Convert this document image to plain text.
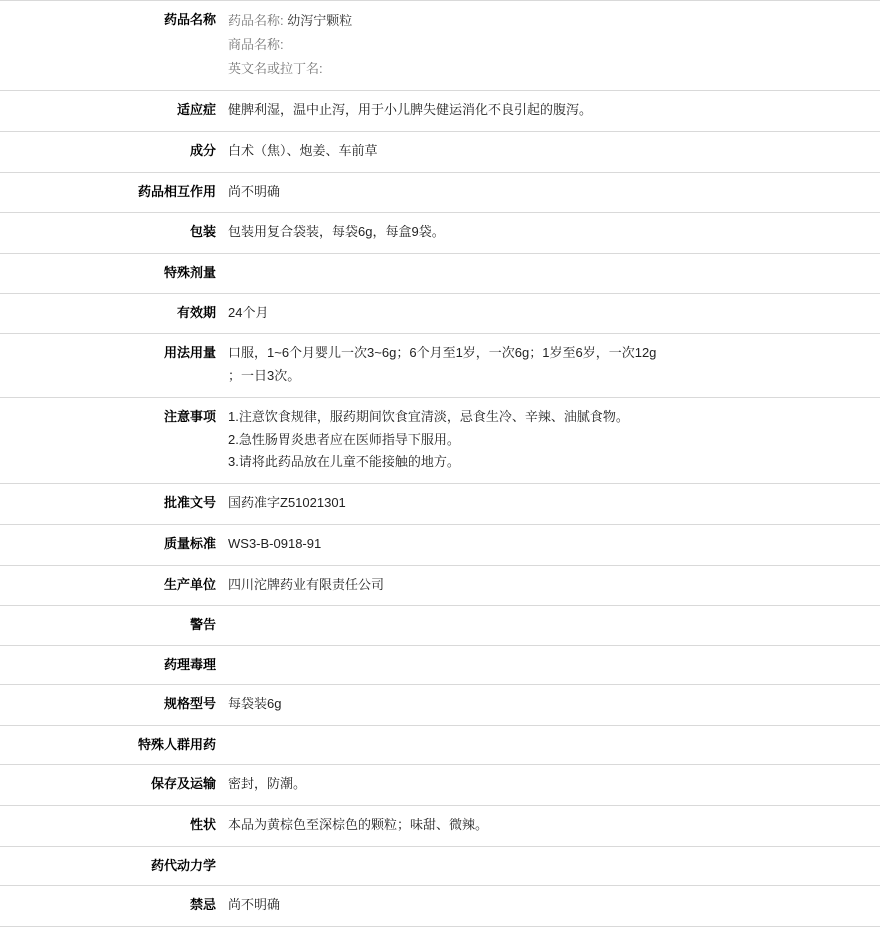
药品名称	药品名称: 幼泻宁颗粒
商品名称:
英文名或拉丁名:

适应症	健脾利湿，温中止泻，用于小儿脾失健运消化不良引起的腹泻。

成分	白术（焦）、炮姜、车前草

药品相互作用	尚不明确

包装	包装用复合袋装，每袋6g，每盒9袋。

特殊剂量	
有效期	24个月

用法用量	口服，1~6个月婴儿一次3~6g；6个月至1岁，一次6g；1岁至6岁，一次12g
；一日3次。

注意事项	1.注意饮食规律，服药期间饮食宜清淡，忌食生冷、辛辣、油腻食物。
2.急性肠胃炎患者应在医师指导下服用。
3.请将此药品放在儿童不能接触的地方。

批准文号	国药准字Z51021301

质量标准	WS3-B-0918-91

生产单位	四川沱牌药业有限责任公司

警告	
药理毒理	
规格型号	每袋装6g

特殊人群用药	
保存及运输	密封，防潮。

性状	本品为黄棕色至深棕色的颗粒；味甜、微辣。

药代动力学	
禁忌	尚不明确
